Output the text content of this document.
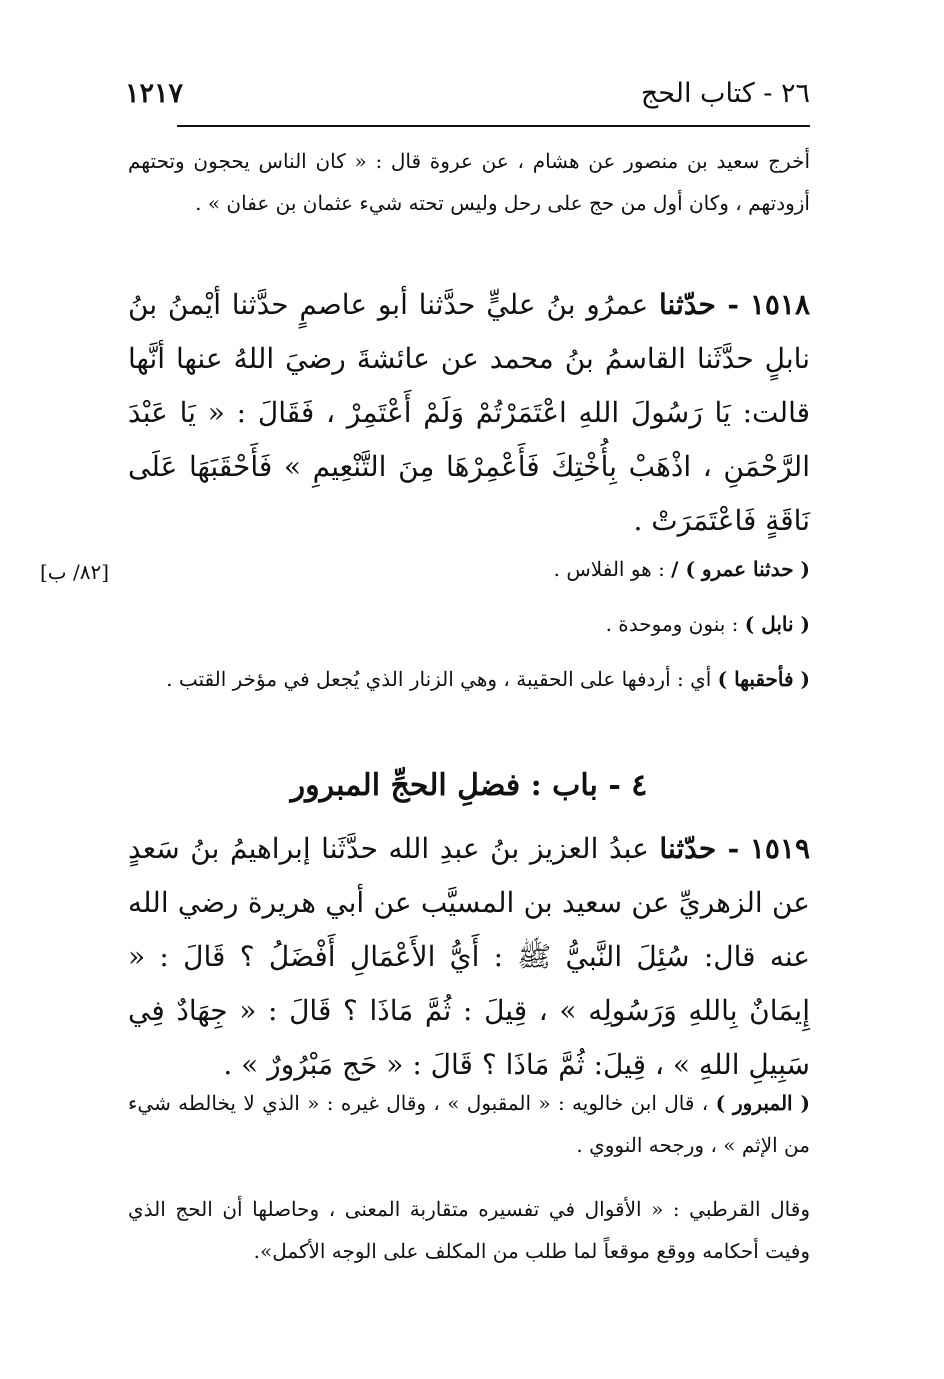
٢٦ - كتاب الحج
١٢١٧
أخرج سعيد بن منصور عن هشام ، عن عروة قال : « كان الناس يحجون وتحتهم أزودتهم ، وكان أول من حج على رحل وليس تحته شيء عثمان بن عفان » .
١٥١٨ - حدّثنا عمرُو بنُ عليٍّ حدَّثنا أبو عاصمٍ حدَّثنا أيْمنُ بنُ نابلٍ حدَّثَنا القاسمُ بنُ محمد عن عائشةَ رضيَ اللهُ عنها أنَّها قالت: يَا رَسُولَ اللهِ اعْتَمَرْتُمْ وَلَمْ أَعْتَمِرْ ، فَقَالَ : « يَا عَبْدَ الرَّحْمَنِ ، اذْهَبْ بِأُخْتِكَ فَأَعْمِرْهَا مِنَ التَّنْعِيمِ » فَأَحْقَبَهَا عَلَى نَاقَةٍ فَاعْتَمَرَتْ .
[٨٢/ ب]	( حدثنا عمرو ) / : هو الفلاس .
( نابل ) : بنون وموحدة .
( فأحقبها ) أي : أردفها على الحقيبة ، وهي الزنار الذي يُجعل في مؤخر القتب .
٤ - باب : فضلِ الحجِّ المبرور
١٥١٩ - حدّثنا عبدُ العزيز بنُ عبدِ الله حدَّثَنا إبراهيمُ بنُ سَعدٍ عن الزهريِّ عن سعيد بن المسيَّب عن أبي هريرة رضي الله عنه قال: سُئِلَ النَّبيُّ ﷺ : أَيُّ الأَعْمَالِ أَفْضَلُ ؟ قَالَ : « إِيمَانٌ بِاللهِ وَرَسُولِه » ، قِيلَ : ثُمَّ مَاذَا ؟ قَالَ : « جِهَادٌ فِي سَبِيلِ اللهِ » ، قِيلَ: ثُمَّ مَاذَا ؟ قَالَ : « حَج مَبْرُورٌ » .
( المبرور ) ، قال ابن خالويه : « المقبول » ، وقال غيره : « الذي لا يخالطه شيء من الإثم » ، ورجحه النووي .
وقال القرطبي : « الأقوال في تفسيره متقاربة المعنى ، وحاصلها أن الحج الذي وفيت أحكامه ووقع موقعاً لما طلب من المكلف على الوجه الأكمل».
